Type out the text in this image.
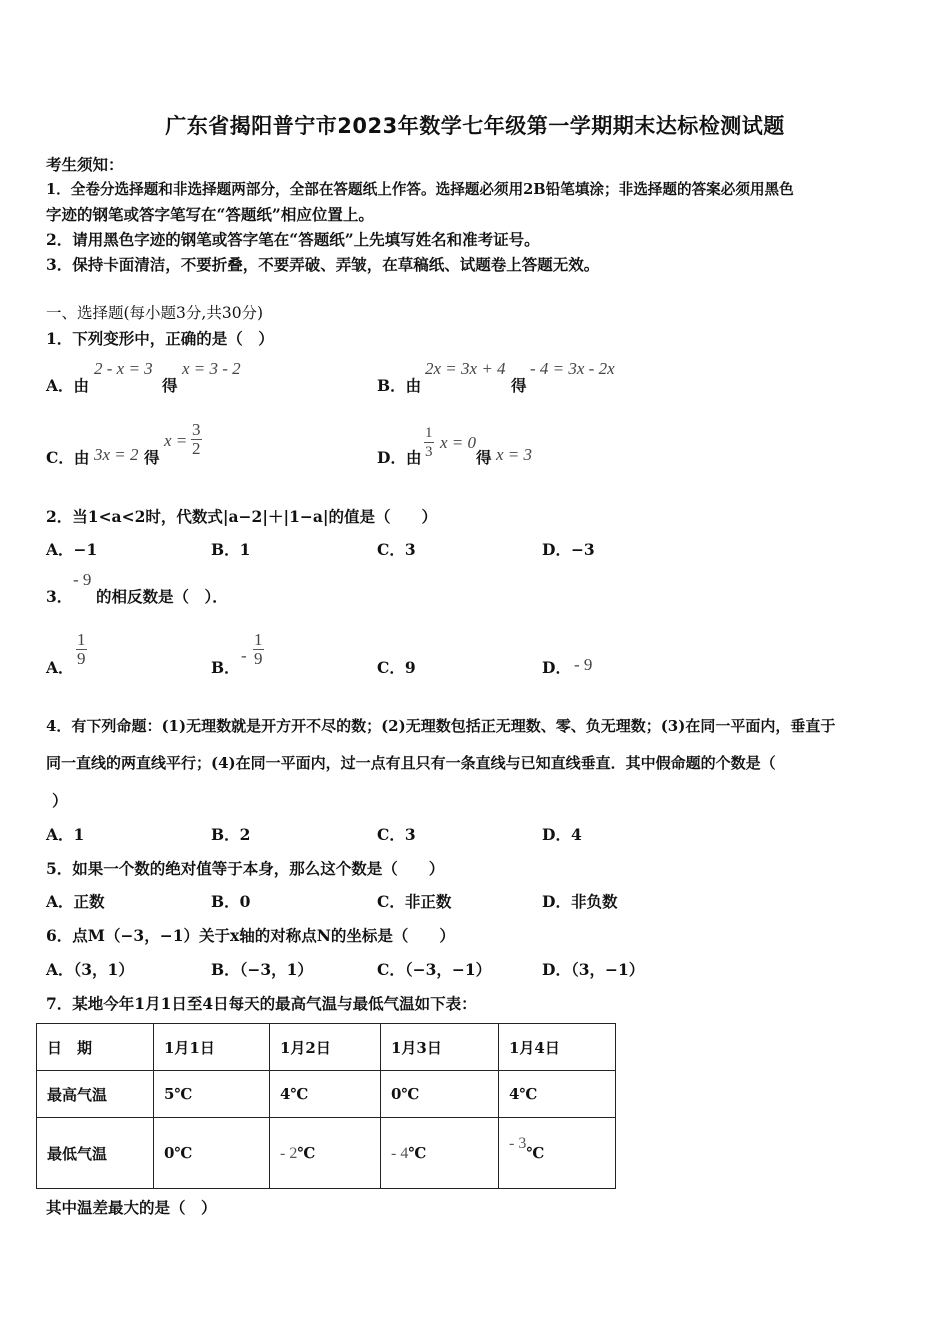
广东省揭阳普宁市2023年数学七年级第一学期期末达标检测试题
考生须知：
1．全卷分选择题和非选择题两部分，全部在答题纸上作答。选择题必须用2B铅笔填涂；非选择题的答案必须用黑色
字迹的钢笔或答字笔写在“答题纸”相应位置上。
2．请用黑色字迹的钢笔或答字笔在“答题纸”上先填写姓名和准考证号。
3．保持卡面清洁，不要折叠，不要弄破、弄皱，在草稿纸、试题卷上答题无效。
一、选择题(每小题3分,共30分)
1．下列变形中，正确的是（　）
A．由
2 - x = 3
得
x = 3 - 2
B．由
2x = 3x + 4
得
- 4 = 3x - 2x
C．由 3x = 2 得
$x = \frac{3}{2}$	D．由 $\frac{1}{3}$ x = 0
得 x = 3
2．当1<a<2时，代数式|a−2|＋|1−a|的值是（　　）
A．−1	B．1	C．3	D．−3
3．
- 9
的相反数是（　）．
A． $\frac{1}{9}$	B．
- $\frac{1}{9}$	C．9	D． - 9
4．有下列命题：(1)无理数就是开方开不尽的数；(2)无理数包括正无理数、零、负无理数；(3)在同一平面内，垂直于
同一直线的两直线平行；(4)在同一平面内，过一点有且只有一条直线与已知直线垂直．其中假命题的个数是（
）
A．1	B．2	C．3	D．4
5．如果一个数的绝对值等于本身，那么这个数是（　　）
A．正数	B．0	C．非正数	D．非负数
6．点M（−3，−1）关于x轴的对称点N的坐标是（　　）
A．（3，1）	B．（−3，1）	C．（−3，−1）	D．（3，−1）
7．某地今年1月1日至4日每天的最高气温与最低气温如下表：
日　期	1月1日	1月2日	1月3日	1月4日
最高气温	5℃	4℃	0℃	4℃
最低气温	0℃	- 2℃	- 4℃	- 3℃
其中温差最大的是（　）
